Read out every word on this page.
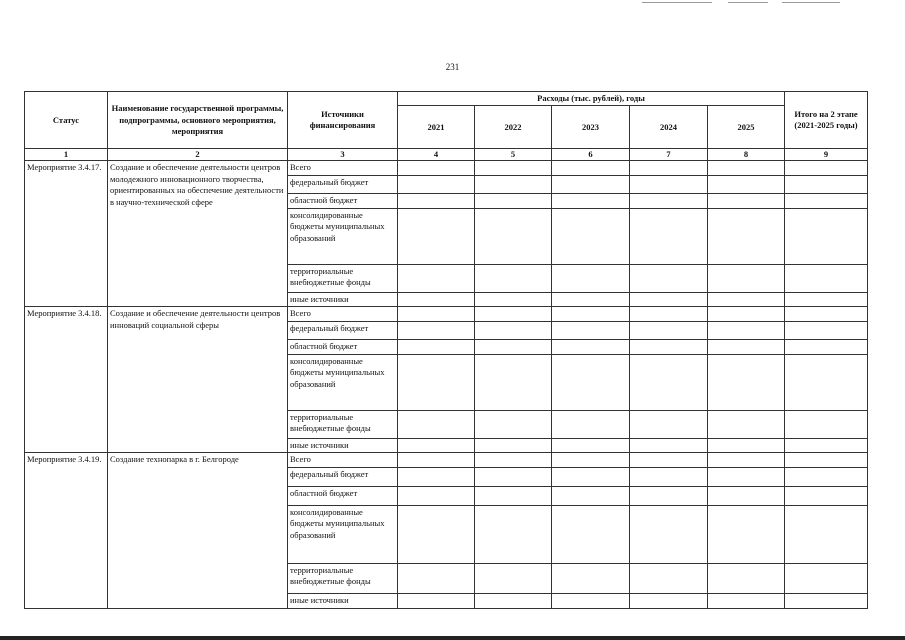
231
Статус	Наименование государственной программы, подпрограммы, основного мероприятия, мероприятия	Источники финансирования	Расходы (тыс. рублей), годы					Итого на 2 этапе (2021-2025 годы)
			2021	2022	2023	2024	2025	
1	2	3	4	5	6	7	8	9
Мероприятие 3.4.17.	Создание и обеспечение деятельности центров молодежного инновационного творчества, ориентированных на обеспечение деятельности в научно-технической сфере	Всего						
		федеральный бюджет						
		областной бюджет						
		консолидированные бюджеты муниципальных образований						
		территориальные внебюджетные фонды						
		иные источники						
Мероприятие 3.4.18.	Создание и обеспечение деятельности центров инноваций социальной сферы	Всего						
		федеральный бюджет						
		областной бюджет						
		консолидированные бюджеты муниципальных образований						
		территориальные внебюджетные фонды						
		иные источники						
Мероприятие 3.4.19.	Создание технопарка в г. Белгороде	Всего						
		федеральный бюджет						
		областной бюджет						
		консолидированные бюджеты муниципальных образований						
		территориальные внебюджетные фонды						
		иные источники						
